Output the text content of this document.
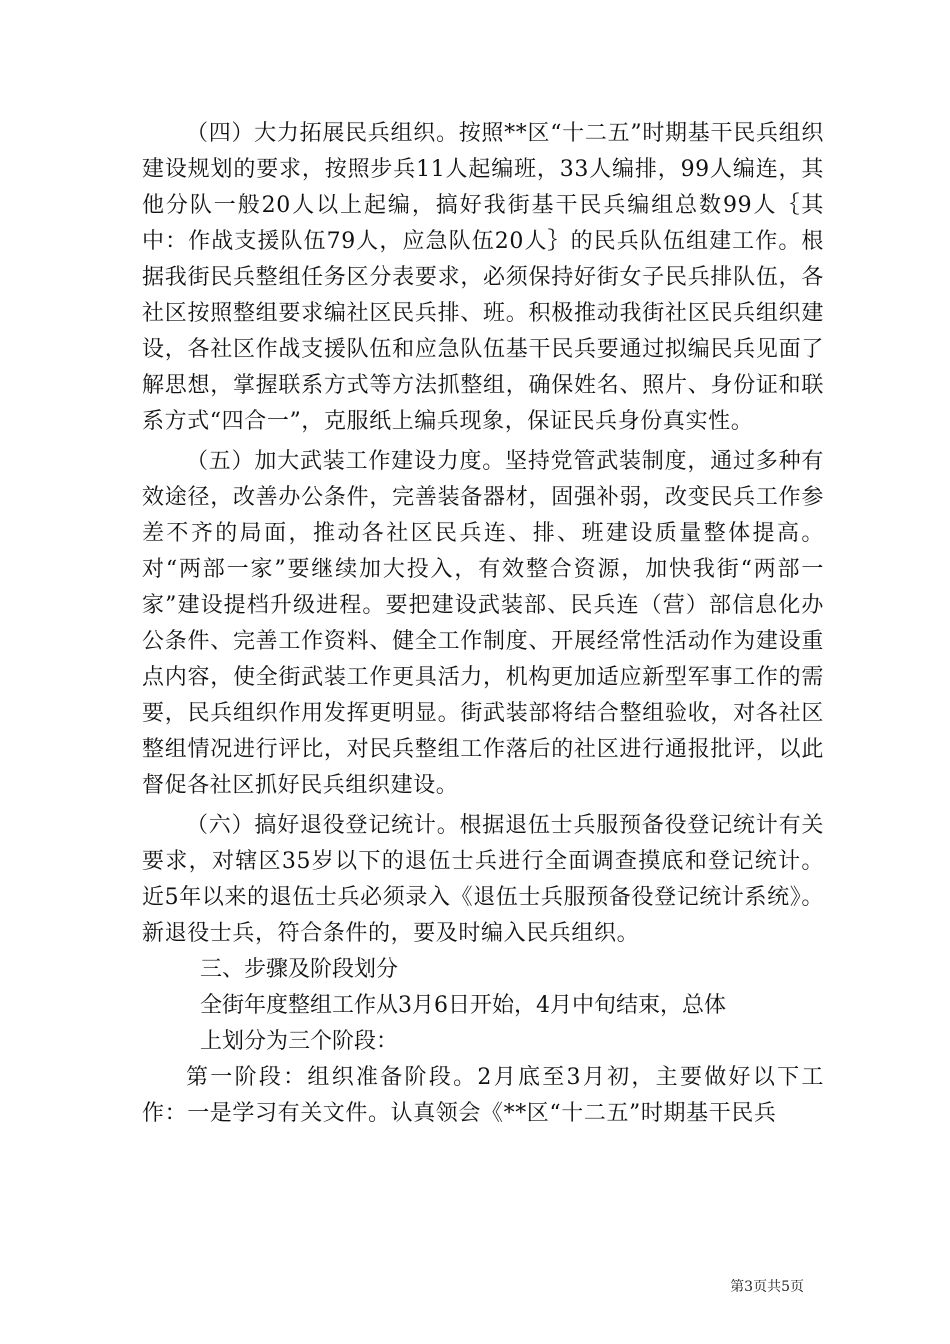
（四）大力拓展民兵组织。按照**区“十二五”时期基干民兵组织建设规划的要求，按照步兵11人起编班，33人编排，99人编连，其他分队一般20人以上起编，搞好我街基干民兵编组总数99人｛其中：作战支援队伍79人，应急队伍20人｝的民兵队伍组建工作。根据我街民兵整组任务区分表要求，必须保持好街女子民兵排队伍，各社区按照整组要求编社区民兵排、班。积极推动我街社区民兵组织建设，各社区作战支援队伍和应急队伍基干民兵要通过拟编民兵见面了解思想，掌握联系方式等方法抓整组，确保姓名、照片、身份证和联系方式“四合一”，克服纸上编兵现象，保证民兵身份真实性。

（五）加大武装工作建设力度。坚持党管武装制度，通过多种有效途径，改善办公条件，完善装备器材，固强补弱，改变民兵工作参差不齐的局面，推动各社区民兵连、排、班建设质量整体提高。对“两部一家”要继续加大投入，有效整合资源，加快我街“两部一家”建设提档升级进程。要把建设武装部、民兵连（营）部信息化办公条件、完善工作资料、健全工作制度、开展经常性活动作为建设重点内容，使全街武装工作更具活力，机构更加适应新型军事工作的需要，民兵组织作用发挥更明显。街武装部将结合整组验收，对各社区整组情况进行评比，对民兵整组工作落后的社区进行通报批评，以此督促各社区抓好民兵组织建设。

（六）搞好退役登记统计。根据退伍士兵服预备役登记统计有关要求，对辖区35岁以下的退伍士兵进行全面调查摸底和登记统计。近5年以来的退伍士兵必须录入《退伍士兵服预备役登记统计系统》。新退役士兵，符合条件的，要及时编入民兵组织。

三、步骤及阶段划分

全街年度整组工作从3月6日开始，4月中旬结束，总体

上划分为三个阶段：

第一阶段：组织准备阶段。2月底至3月初，主要做好以下工作：一是学习有关文件。认真领会《**区“十二五”时期基干民兵

第3页共5页
